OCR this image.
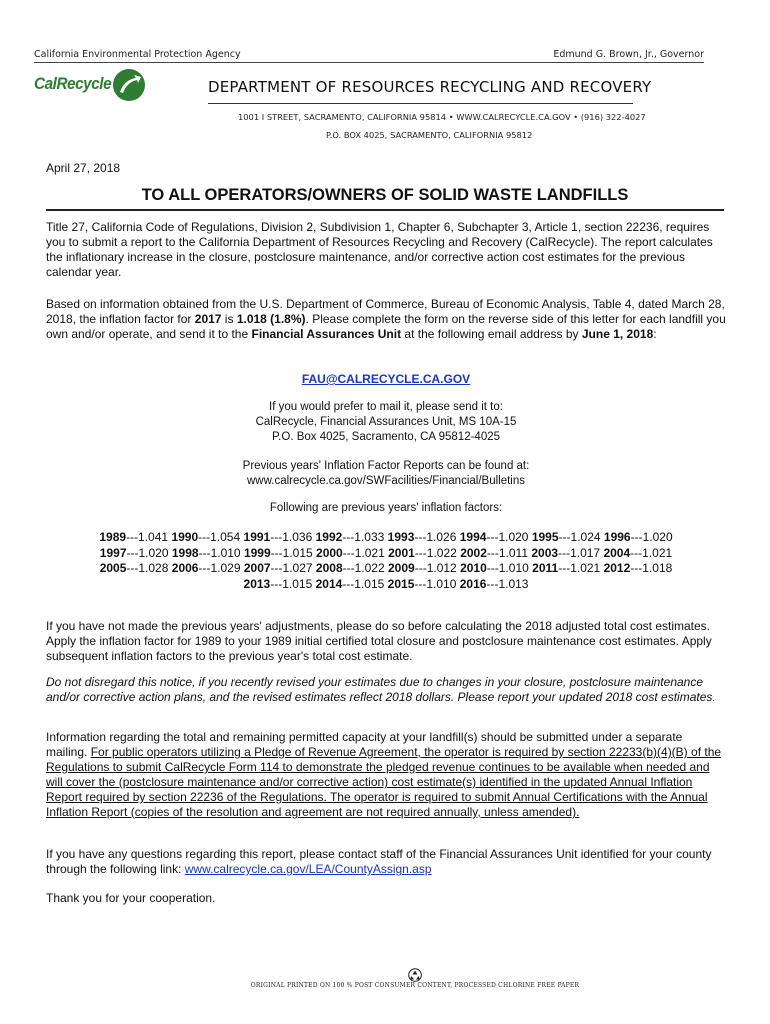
California Environmental Protection Agency	Edmund G. Brown, Jr., Governor
CalRecycle	DEPARTMENT OF RESOURCES RECYCLING AND RECOVERY
1001 I STREET, SACRAMENTO, CALIFORNIA 95814 • WWW.CALRECYCLE.CA.GOV • (916) 322-4027
P.O. BOX 4025, SACRAMENTO, CALIFORNIA 95812
April 27, 2018
TO ALL OPERATORS/OWNERS OF SOLID WASTE LANDFILLS

Title 27, California Code of Regulations, Division 2, Subdivision 1, Chapter 6, Subchapter 3, Article 1, section 22236, requires you to submit a report to the California Department of Resources Recycling and Recovery (CalRecycle). The report calculates the inflationary increase in the closure, postclosure maintenance, and/or corrective action cost estimates for the previous calendar year.

Based on information obtained from the U.S. Department of Commerce, Bureau of Economic Analysis, Table 4, dated March 28, 2018, the inflation factor for 2017 is 1.018 (1.8%). Please complete the form on the reverse side of this letter for each landfill you own and/or operate, and send it to the Financial Assurances Unit at the following email address by June 1, 2018:

FAU@CALRECYCLE.CA.GOV
If you would prefer to mail it, please send it to:
CalRecycle, Financial Assurances Unit, MS 10A-15
P.O. Box 4025, Sacramento, CA 95812-4025
Previous years' Inflation Factor Reports can be found at:
www.calrecycle.ca.gov/SWFacilities/Financial/Bulletins
Following are previous years' inflation factors:
1989---1.041 1990---1.054 1991---1.036 1992---1.033 1993---1.026 1994---1.020 1995---1.024 1996---1.020
1997---1.020 1998---1.010 1999---1.015 2000---1.021 2001---1.022 2002---1.011 2003---1.017 2004---1.021
2005---1.028 2006---1.029 2007---1.027 2008---1.022 2009---1.012 2010---1.010 2011---1.021 2012---1.018
2013---1.015 2014---1.015 2015---1.010 2016---1.013

If you have not made the previous years' adjustments, please do so before calculating the 2018 adjusted total cost estimates. Apply the inflation factor for 1989 to your 1989 initial certified total closure and postclosure maintenance cost estimates. Apply subsequent inflation factors to the previous year's total cost estimate.

Do not disregard this notice, if you recently revised your estimates due to changes in your closure, postclosure maintenance and/or corrective action plans, and the revised estimates reflect 2018 dollars. Please report your updated 2018 cost estimates.

Information regarding the total and remaining permitted capacity at your landfill(s) should be submitted under a separate mailing. For public operators utilizing a Pledge of Revenue Agreement, the operator is required by section 22233(b)(4)(B) of the Regulations to submit CalRecycle Form 114 to demonstrate the pledged revenue continues to be available when needed and will cover the (postclosure maintenance and/or corrective action) cost estimate(s) identified in the updated Annual Inflation Report required by section 22236 of the Regulations. The operator is required to submit Annual Certifications with the Annual Inflation Report (copies of the resolution and agreement are not required annually, unless amended).

If you have any questions regarding this report, please contact staff of the Financial Assurances Unit identified for your county through the following link: www.calrecycle.ca.gov/LEA/CountyAssign.asp

Thank you for your cooperation.

ORIGINAL PRINTED ON 100 % POST CONSUMER CONTENT, PROCESSED CHLORINE FREE PAPER
